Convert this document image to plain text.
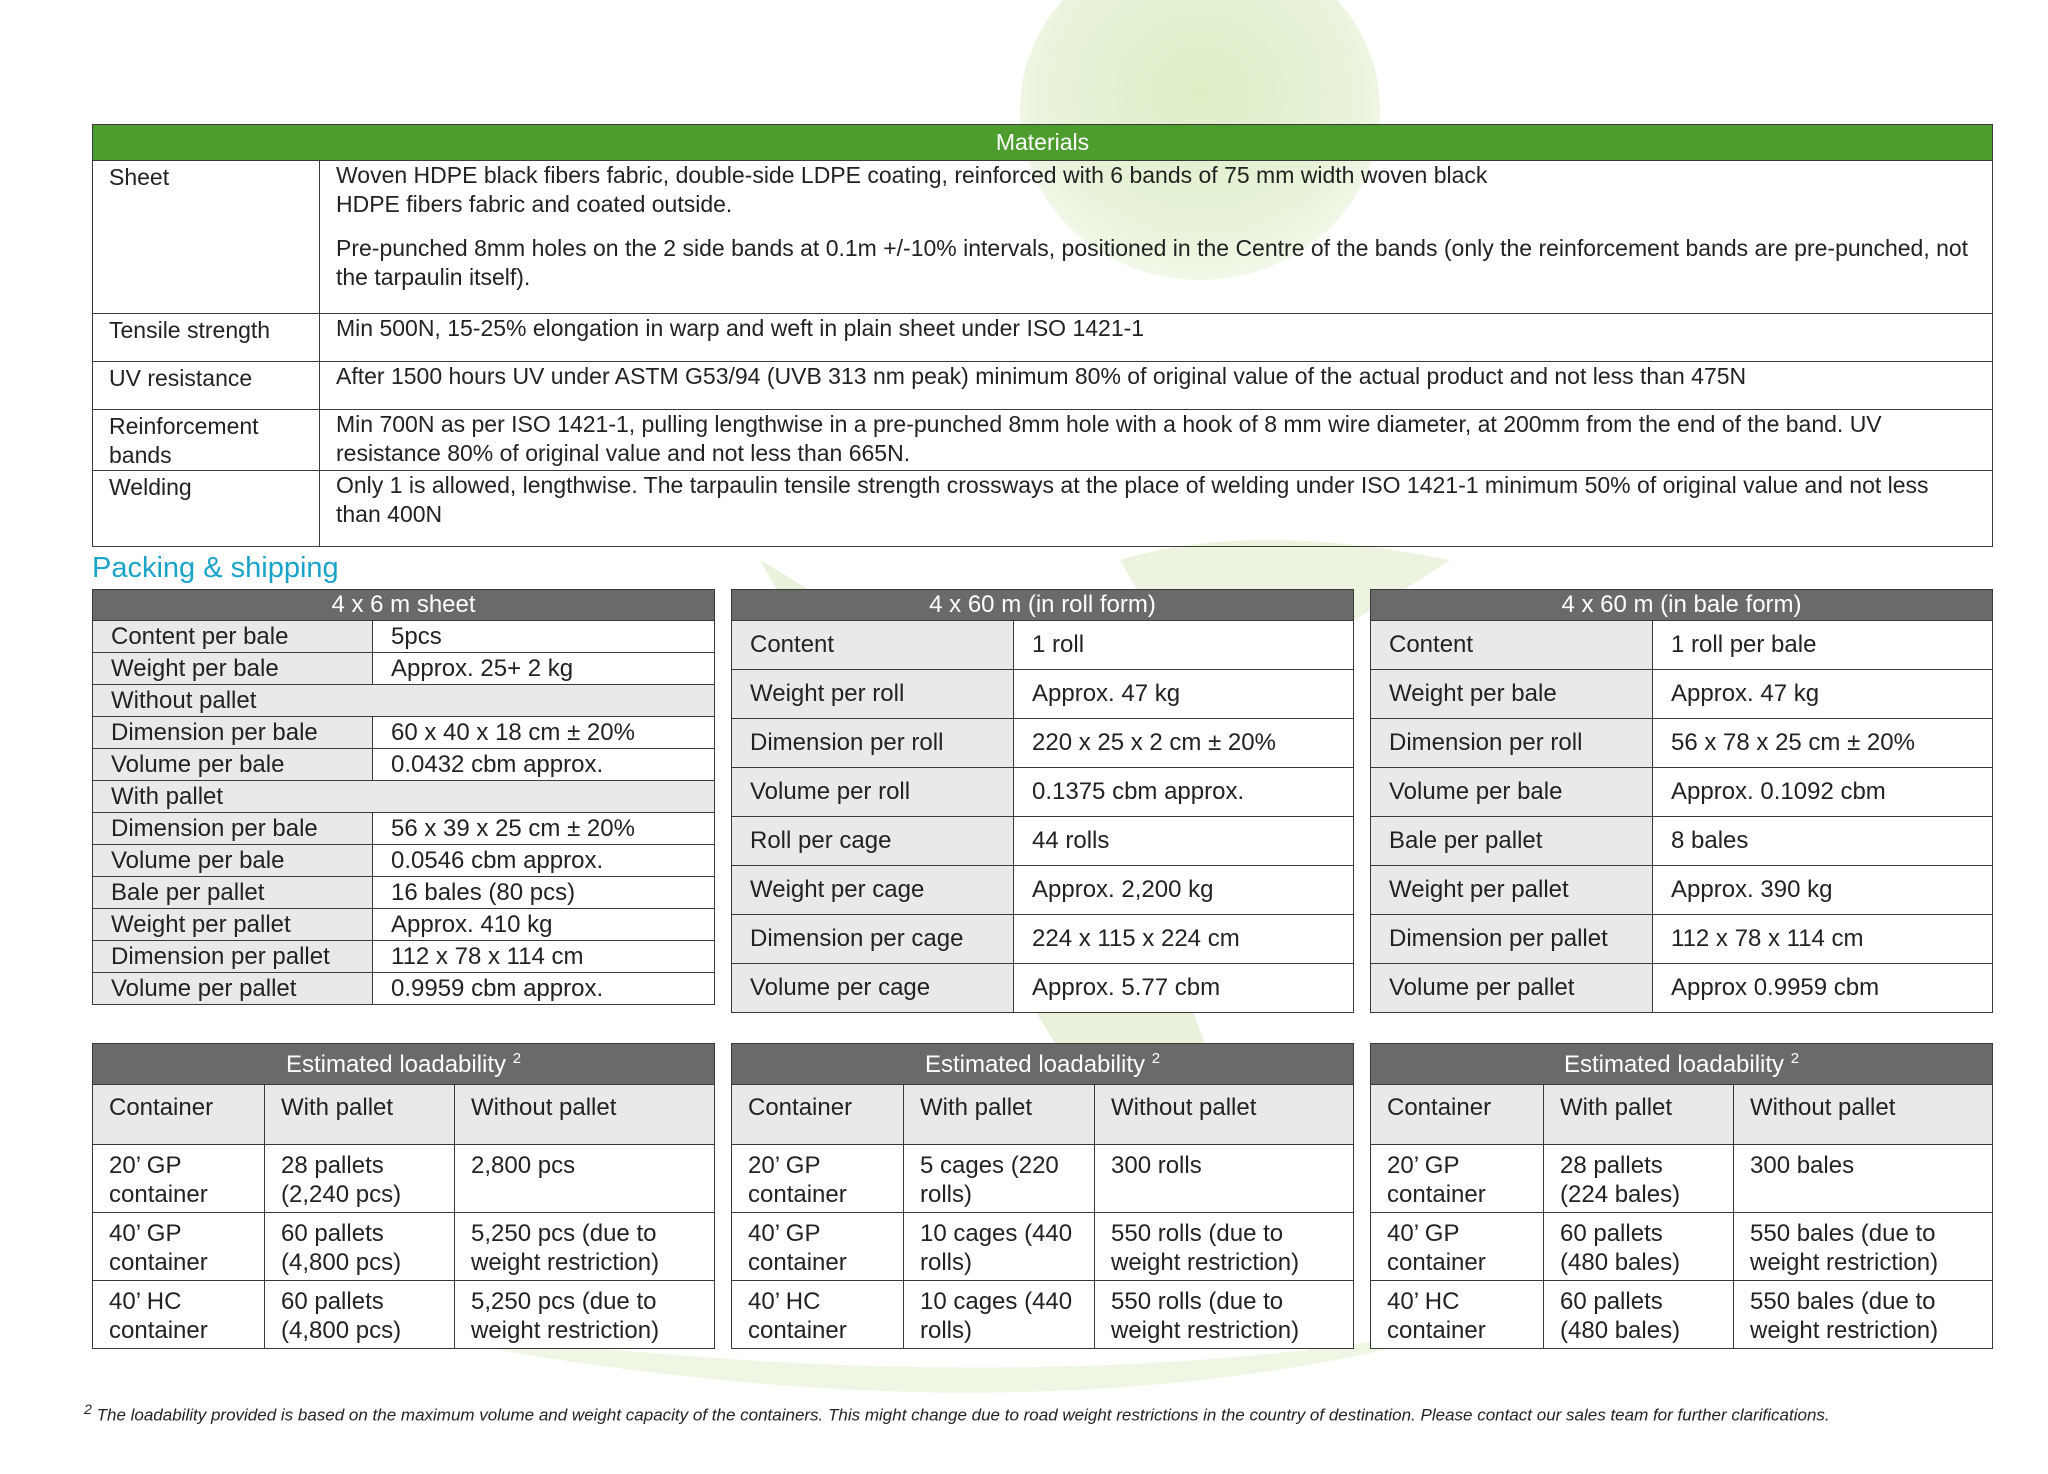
Materials	
Sheet	Woven HDPE black fibers fabric, double-side LDPE coating, reinforced with 6 bands of 75 mm width woven black
HDPE fibers fabric and coated outside.

Pre-punched 8mm holes on the 2 side bands at 0.1m +/-10% intervals, positioned in the Centre of the bands (only the reinforcement bands are pre-punched, not the tarpaulin itself).

Tensile strength	Min 500N, 15-25% elongation in warp and weft in plain sheet under ISO 1421-1
UV resistance	After 1500 hours UV under ASTM G53/94 (UVB 313 nm peak) minimum 80% of original value of the actual product and not less than 475N
Reinforcement bands	Min 700N as per ISO 1421-1, pulling lengthwise in a pre-punched 8mm hole with a hook of 8 mm wire diameter, at 200mm from the end of the band. UV resistance 80% of original value and not less than 665N.
Welding	Only 1 is allowed, lengthwise. The tarpaulin tensile strength crossways at the place of welding under ISO 1421-1 minimum 50% of original value and not less than 400N
Packing & shipping
4 x 6 m sheet	
Content per bale	5pcs
Weight per bale	Approx. 25+ 2 kg
Without pallet	
Dimension per bale	60 x 40 x 18 cm ± 20%
Volume per bale	0.0432 cbm approx.
With pallet	
Dimension per bale	56 x 39 x 25 cm ± 20%
Volume per bale	0.0546 cbm approx.
Bale per pallet	16 bales (80 pcs)
Weight per pallet	Approx. 410 kg
Dimension per pallet	112 x 78 x 114 cm
Volume per pallet	0.9959 cbm approx.
4 x 60 m (in roll form)	
Content	1 roll
Weight per roll	Approx. 47 kg
Dimension per roll	220 x 25 x 2 cm ± 20%
Volume per roll	0.1375 cbm approx.
Roll per cage	44 rolls
Weight per cage	Approx. 2,200 kg
Dimension per cage	224 x 115 x 224 cm
Volume per cage	Approx. 5.77 cbm
4 x 60 m (in bale form)	
Content	1 roll per bale
Weight per bale	Approx. 47 kg
Dimension per roll	56 x 78 x 25 cm ± 20%
Volume per bale	Approx. 0.1092 cbm
Bale per pallet	8 bales
Weight per pallet	Approx. 390 kg
Dimension per pallet	112 x 78 x 114 cm
Volume per pallet	Approx 0.9959 cbm
Estimated loadability $^2$
Container	With pallet	Without pallet
20’ GP container	28 pallets (2,240 pcs)	2,800 pcs
40’ GP container	60 pallets (4,800 pcs)	5,250 pcs (due to weight restriction)
40’ HC container	60 pallets (4,800 pcs)	5,250 pcs (due to weight restriction)
Estimated loadability $^2$
Container	With pallet	Without pallet
20’ GP container	5 cages (220 rolls)	300 rolls
40’ GP container	10 cages (440 rolls)	550 rolls (due to weight restriction)
40’ HC container	10 cages (440 rolls)	550 rolls (due to weight restriction)
Estimated loadability $^2$
Container	With pallet	Without pallet
20’ GP container	28 pallets (224 bales)	300 bales
40’ GP container	60 pallets (480 bales)	550 bales (due to weight restriction)
40’ HC container	60 pallets (480 bales)	550 bales (due to weight restriction)
$^2$ The loadability provided is based on the maximum volume and weight capacity of the containers. This might change due to road weight restrictions in the country of destination. Please contact our sales team for further clarifications.
